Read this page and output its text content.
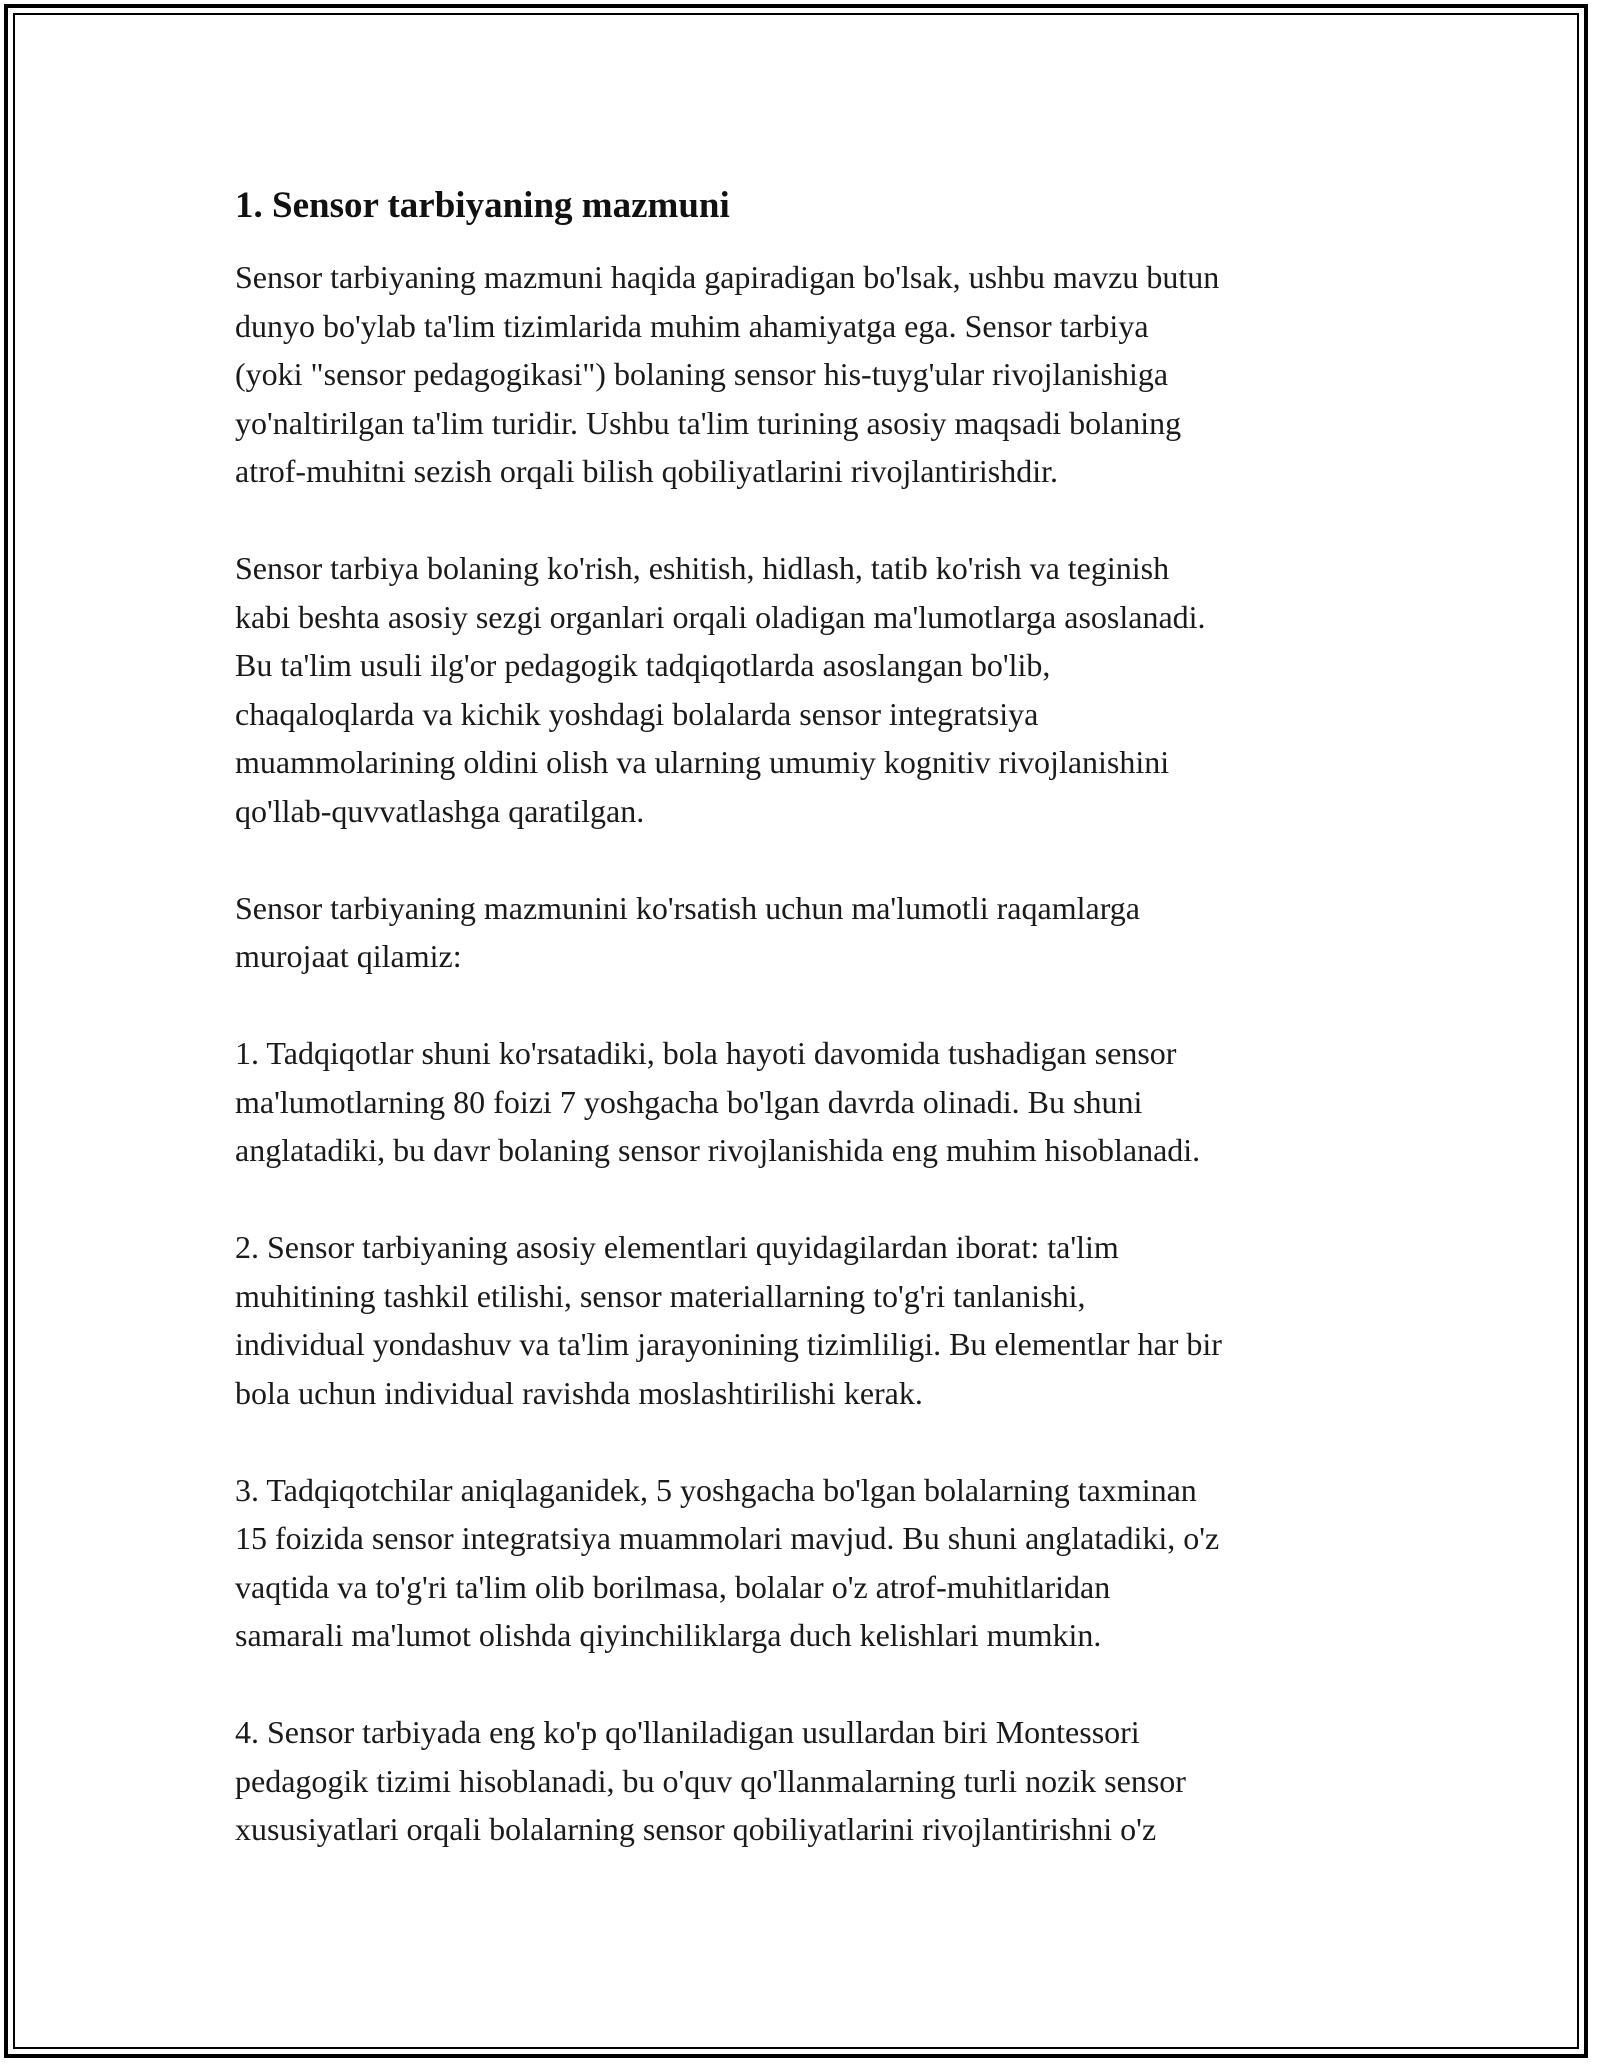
1. Sensor tarbiyaning mazmuni
Sensor tarbiyaning mazmuni haqida gapiradigan bo'lsak, ushbu mavzu butun
dunyo bo'ylab ta'lim tizimlarida muhim ahamiyatga ega. Sensor tarbiya
(yoki "sensor pedagogikasi") bolaning sensor his-tuyg'ular rivojlanishiga
yo'naltirilgan ta'lim turidir. Ushbu ta'lim turining asosiy maqsadi bolaning
atrof-muhitni sezish orqali bilish qobiliyatlarini rivojlantirishdir.
Sensor tarbiya bolaning ko'rish, eshitish, hidlash, tatib ko'rish va teginish
kabi beshta asosiy sezgi organlari orqali oladigan ma'lumotlarga asoslanadi.
Bu ta'lim usuli ilg'or pedagogik tadqiqotlarda asoslangan bo'lib,
chaqaloqlarda va kichik yoshdagi bolalarda sensor integratsiya
muammolarining oldini olish va ularning umumiy kognitiv rivojlanishini
qo'llab-quvvatlashga qaratilgan.
Sensor tarbiyaning mazmunini ko'rsatish uchun ma'lumotli raqamlarga
murojaat qilamiz:
1. Tadqiqotlar shuni ko'rsatadiki, bola hayoti davomida tushadigan sensor
ma'lumotlarning 80 foizi 7 yoshgacha bo'lgan davrda olinadi. Bu shuni
anglatadiki, bu davr bolaning sensor rivojlanishida eng muhim hisoblanadi.
2. Sensor tarbiyaning asosiy elementlari quyidagilardan iborat: ta'lim
muhitining tashkil etilishi, sensor materiallarning to'g'ri tanlanishi,
individual yondashuv va ta'lim jarayonining tizimliligi. Bu elementlar har bir
bola uchun individual ravishda moslashtirilishi kerak.
3. Tadqiqotchilar aniqlaganidek, 5 yoshgacha bo'lgan bolalarning taxminan
15 foizida sensor integratsiya muammolari mavjud. Bu shuni anglatadiki, o'z
vaqtida va to'g'ri ta'lim olib borilmasa, bolalar o'z atrof-muhitlaridan
samarali ma'lumot olishda qiyinchiliklarga duch kelishlari mumkin.
4. Sensor tarbiyada eng ko'p qo'llaniladigan usullardan biri Montessori
pedagogik tizimi hisoblanadi, bu o'quv qo'llanmalarning turli nozik sensor
xususiyatlari orqali bolalarning sensor qobiliyatlarini rivojlantirishni o'z
